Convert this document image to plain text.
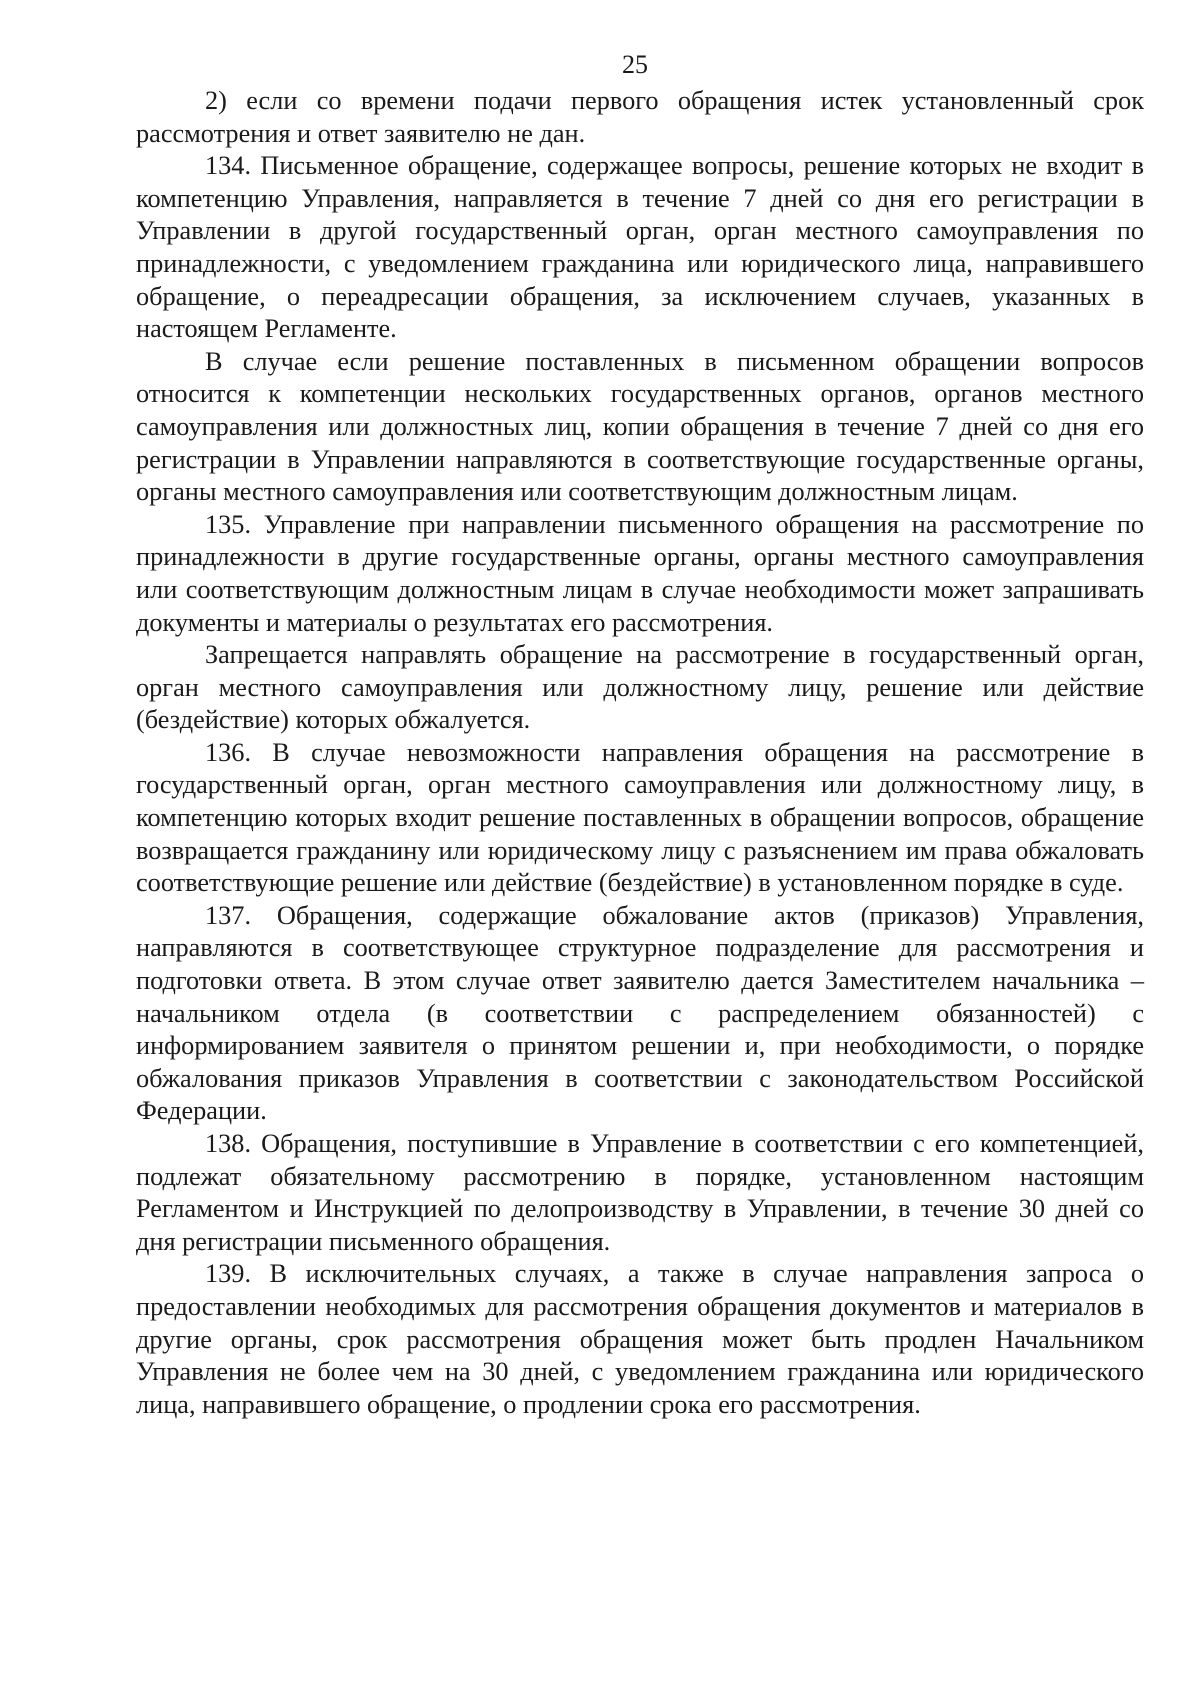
25

2) если со времени подачи первого обращения истек установленный срок рассмотрения и ответ заявителю не дан.

134. Письменное обращение, содержащее вопросы, решение которых не входит в компетенцию Управления, направляется в течение 7 дней со дня его регистрации в Управлении в другой государственный орган, орган местного самоуправления по принадлежности, с уведомлением гражданина или юридического лица, направившего обращение, о переадресации обращения, за исключением случаев, указанных в настоящем Регламенте.

В случае если решение поставленных в письменном обращении вопросов относится к компетенции нескольких государственных органов, органов местного самоуправления или должностных лиц, копии обращения в течение 7 дней со дня его регистрации в Управлении направляются в соответствующие государственные органы, органы местного самоуправления или соответствующим должностным лицам.

135. Управление при направлении письменного обращения на рассмотрение по принадлежности в другие государственные органы, органы местного самоуправления или соответствующим должностным лицам в случае необходимости может запрашивать документы и материалы о результатах его рассмотрения.

Запрещается направлять обращение на рассмотрение в государственный орган, орган местного самоуправления или должностному лицу, решение или действие (бездействие) которых обжалуется.

136. В случае невозможности направления обращения на рассмотрение в государственный орган, орган местного самоуправления или должностному лицу, в компетенцию которых входит решение поставленных в обращении вопросов, обращение возвращается гражданину или юридическому лицу с разъяснением им права обжаловать соответствующие решение или действие (бездействие) в установленном порядке в суде.

137. Обращения, содержащие обжалование актов (приказов) Управления, направляются в соответствующее структурное подразделение для рассмотрения и подготовки ответа. В этом случае ответ заявителю дается Заместителем начальника – начальником отдела (в соответствии с распределением обязанностей) с информированием заявителя о принятом решении и, при необходимости, о порядке обжалования приказов Управления в соответствии с законодательством Российской Федерации.

138. Обращения, поступившие в Управление в соответствии с его компетенцией, подлежат обязательному рассмотрению в порядке, установленном настоящим Регламентом и Инструкцией по делопроизводству в Управлении, в течение 30 дней со дня регистрации письменного обращения.

139. В исключительных случаях, а также в случае направления запроса о предоставлении необходимых для рассмотрения обращения документов и материалов в другие органы, срок рассмотрения обращения может быть продлен Начальником Управления не более чем на 30 дней, с уведомлением гражданина или юридического лица, направившего обращение, о продлении срока его рассмотрения.
